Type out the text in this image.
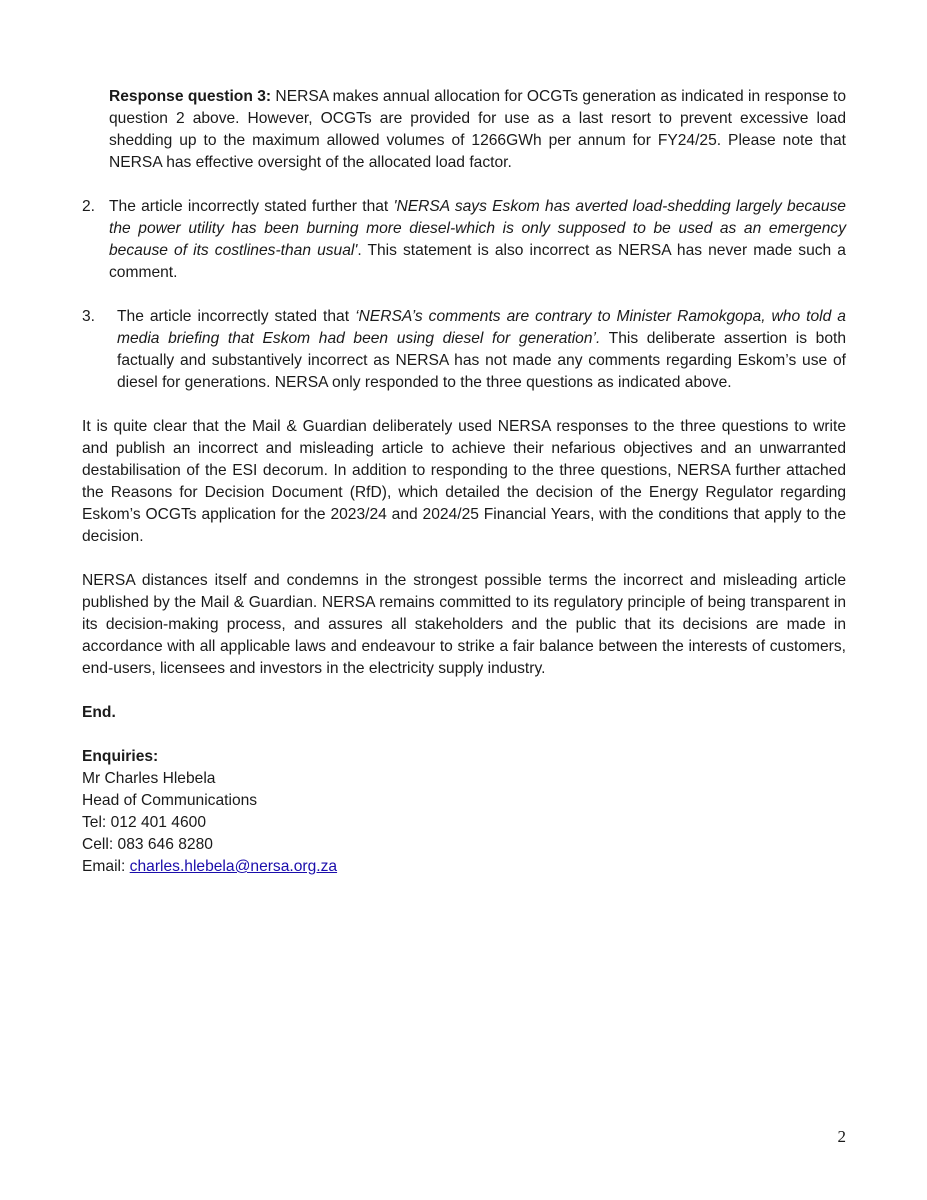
Response question 3: NERSA makes annual allocation for OCGTs generation as indicated in response to question 2 above. However, OCGTs are provided for use as a last resort to prevent excessive load shedding up to the maximum allowed volumes of 1266GWh per annum for FY24/25. Please note that NERSA has effective oversight of the allocated load factor.

2. The article incorrectly stated further that 'NERSA says Eskom has averted load-shedding largely because the power utility has been burning more diesel-which is only supposed to be used as an emergency because of its costlines-than usual'. This statement is also incorrect as NERSA has never made such a comment.

3. The article incorrectly stated that ‘NERSA’s comments are contrary to Minister Ramokgopa, who told a media briefing that Eskom had been using diesel for generation’. This deliberate assertion is both factually and substantively incorrect as NERSA has not made any comments regarding Eskom’s use of diesel for generations. NERSA only responded to the three questions as indicated above.

It is quite clear that the Mail & Guardian deliberately used NERSA responses to the three questions to write and publish an incorrect and misleading article to achieve their nefarious objectives and an unwarranted destabilisation of the ESI decorum. In addition to responding to the three questions, NERSA further attached the Reasons for Decision Document (RfD), which detailed the decision of the Energy Regulator regarding Eskom’s OCGTs application for the 2023/24 and 2024/25 Financial Years, with the conditions that apply to the decision.

NERSA distances itself and condemns in the strongest possible terms the incorrect and misleading article published by the Mail & Guardian. NERSA remains committed to its regulatory principle of being transparent in its decision-making process, and assures all stakeholders and the public that its decisions are made in accordance with all applicable laws and endeavour to strike a fair balance between the interests of customers, end-users, licensees and investors in the electricity supply industry.

End.

Enquiries:

Mr Charles Hlebela

Head of Communications

Tel: 012 401 4600

Cell: 083 646 8280

Email: charles.hlebela@nersa.org.za

2
